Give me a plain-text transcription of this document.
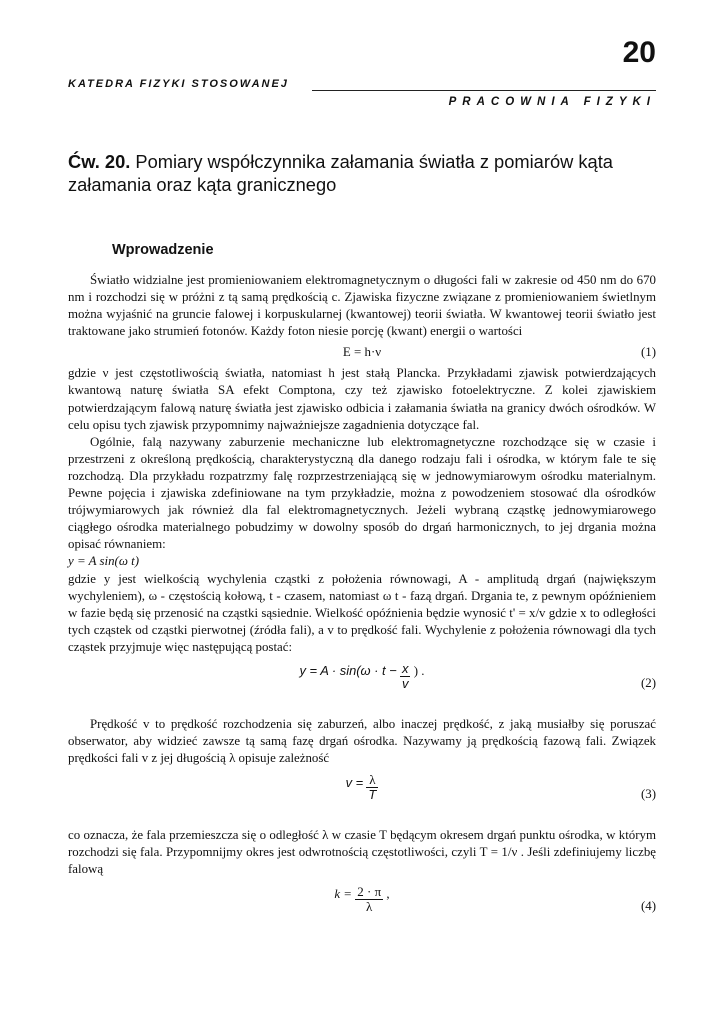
20
KATEDRA FIZYKI STOSOWANEJ
PRACOWNIA FIZYKI
Ćw. 20. Pomiary współczynnika załamania światła z pomiarów kąta załamania oraz kąta granicznego
Wprowadzenie

Światło widzialne jest promieniowaniem elektromagnetycznym o długości fali w zakresie od 450 nm do 670 nm i rozchodzi się w próżni z tą samą prędkością c. Zjawiska fizyczne związane z promieniowaniem świetlnym można wyjaśnić na gruncie falowej i korpuskularnej (kwantowej) teorii światła. W kwantowej teorii światło jest traktowane jako strumień fotonów. Każdy foton niesie porcję (kwant) energii o wartości

E = h·ν	(1)

gdzie ν jest częstotliwością światła, natomiast h jest stałą Plancka. Przykładami zjawisk potwierdzających kwantową naturę światła SA efekt Comptona, czy też zjawisko fotoelektryczne. Z kolei zjawiskiem potwierdzającym falową naturę światła jest zjawisko odbicia i załamania światła na granicy dwóch ośrodków. W celu opisu tych zjawisk przypomnimy najważniejsze zagadnienia dotyczące fal.

Ogólnie, falą nazywany zaburzenie mechaniczne lub elektromagnetyczne rozchodzące się w czasie i przestrzeni z określoną prędkością, charakterystyczną dla danego rodzaju fali i ośrodka, w którym fale te się rozchodzą. Dla przykładu rozpatrzmy falę rozprzestrzeniającą się w jednowymiarowym ośrodku materialnym. Pewne pojęcia i zjawiska zdefiniowane na tym przykładzie, można z powodzeniem stosować dla ośrodków trójwymiarowych jak również dla fal elektromagnetycznych. Jeżeli wybraną cząstkę jednowymiarowego ciągłego ośrodka materialnego pobudzimy w dowolny sposób do drgań harmonicznych, to jej drgania można opisać równaniem:

y = A sin(ω t)

gdzie y jest wielkością wychylenia cząstki z położenia równowagi, A - amplitudą drgań (największym wychyleniem), ω - częstością kołową, t - czasem, natomiast ω t - fazą drgań. Drgania te, z pewnym opóźnieniem w fazie będą się przenosić na cząstki sąsiednie. Wielkość opóźnienia będzie wynosić t' = x/v gdzie x to odległości tych cząstek od cząstki pierwotnej (źródła fali), a v to prędkość fali. Wychylenie z położenia równowagi dla tych cząstek przyjmuje więc następującą postać:

$y = A \cdot \sin(\omega \cdot t - \frac{x}{v}$ ) .
(2)

Prędkość v to prędkość rozchodzenia się zaburzeń, albo inaczej prędkość, z jaką musiałby się poruszać obserwator, aby widzieć zawsze tą samą fazę drgań ośrodka. Nazywamy ją prędkością fazową fali. Związek prędkości fali v z jej długością λ opisuje zależność

$v = \frac{\lambda}{T}$	(3)

co oznacza, że fala przemieszcza się o odległość λ w czasie T będącym okresem drgań punktu ośrodka, w którym rozchodzi się fala. Przypomnijmy okres jest odwrotnością częstotliwości, czyli T = 1/ν . Jeśli zdefiniujemy liczbę falową

$k = \frac{2 \cdot \pi}{\lambda}$ ,
(4)
